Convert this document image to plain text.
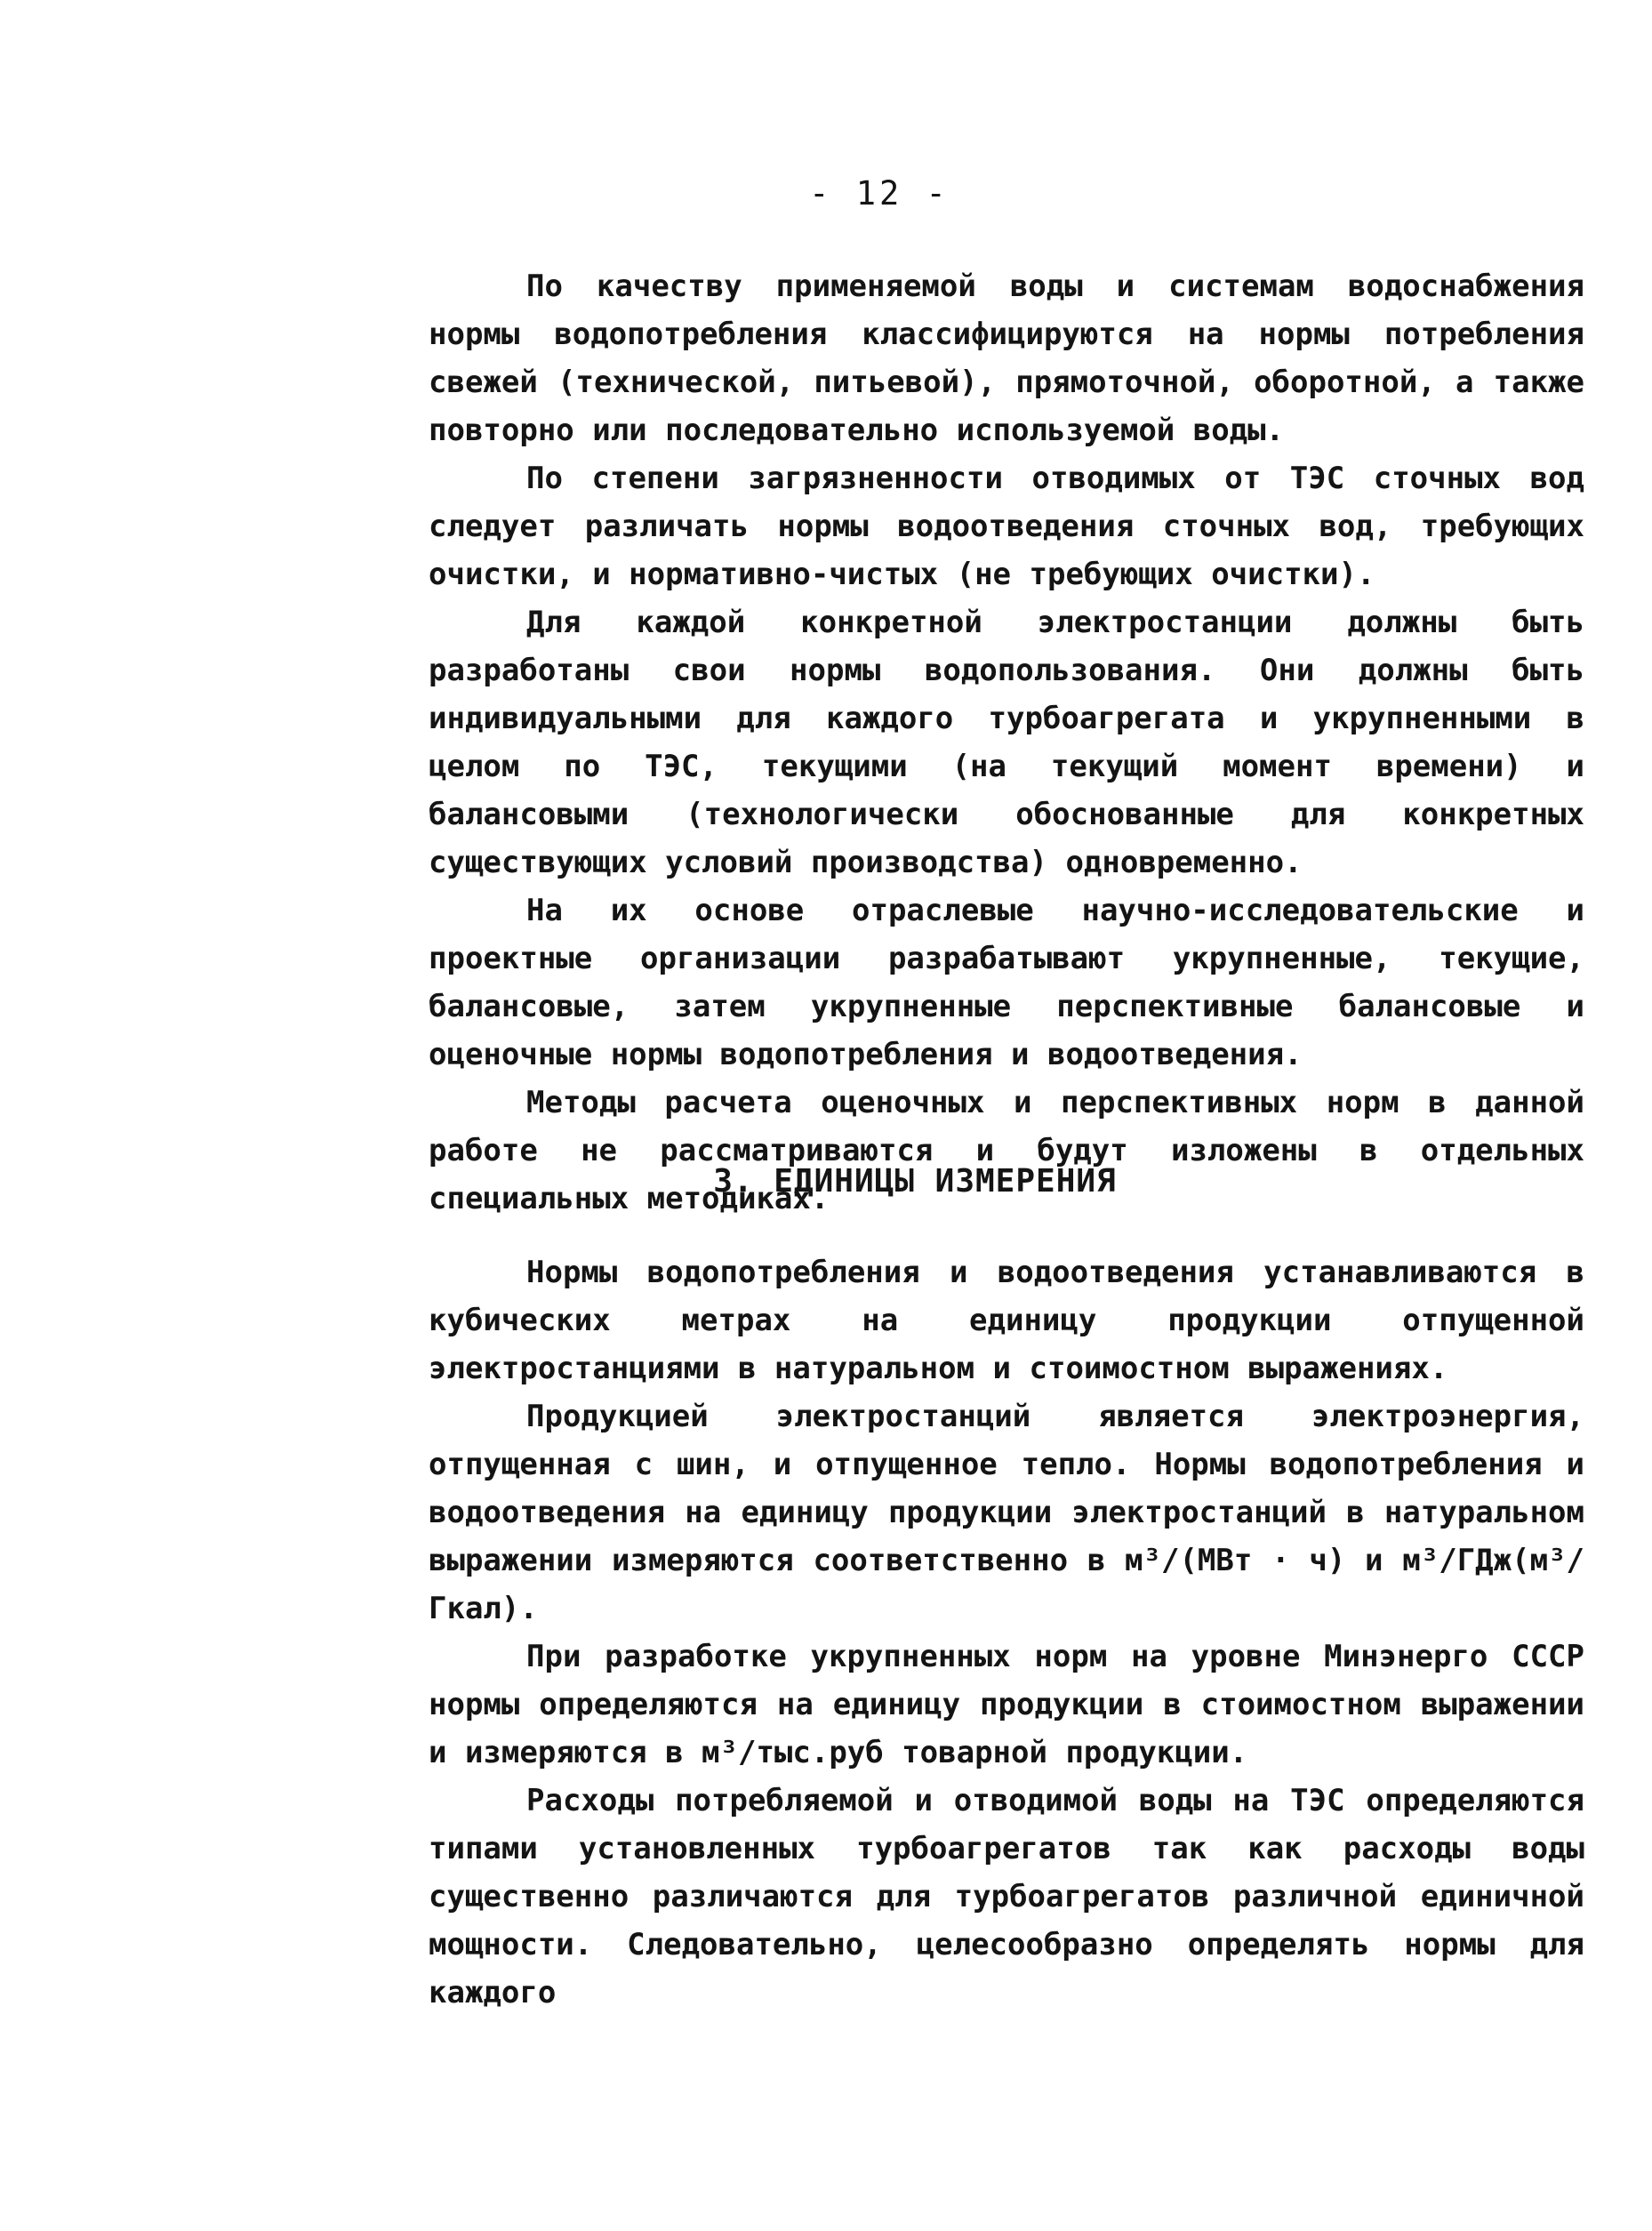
- 12 -

По качеству применяемой воды и системам водоснабжения нормы водопотребления классифицируются на нормы потребления свежей (технической, питьевой), прямоточной, оборотной, а также повторно или последовательно используемой воды.

По степени загрязненности отводимых от ТЭС сточных вод следует различать нормы водоотведения сточных вод, требующих очистки, и нормативно-чистых (не требующих очистки).

Для каждой конкретной электростанции должны быть разработаны свои нормы водопользования. Они должны быть индивидуальными для каждого турбоагрегата и укрупненными в целом по ТЭС, текущими (на текущий момент времени) и балансовыми (технологически обоснованные для конкретных существующих условий производства) одновременно.

На их основе отраслевые научно-исследовательские и проектные организации разрабатывают укрупненные, текущие, балансовые, затем укрупненные перспективные балансовые и оценочные нормы водопотребления и водоотведения.

Методы расчета оценочных и перспективных норм в данной работе не рассматриваются и будут изложены в отдельных специальных методиках.

3. ЕДИНИЦЫ ИЗМЕРЕНИЯ

Нормы водопотребления и водоотведения устанавливаются в кубических метрах на единицу продукции отпущенной электростанциями в натуральном и стоимостном выражениях.

Продукцией электростанций является электроэнергия, отпущенная с шин, и отпущенное тепло. Нормы водопотребления и водоотведения на единицу продукции электростанций в натуральном выражении измеряются соответственно в м³/(МВт · ч) и м³/ГДж(м³/Гкал).

При разработке укрупненных норм на уровне Минэнерго СССР нормы определяются на единицу продукции в стоимостном выражении и измеряются в м³/тыс.руб товарной продукции.

Расходы потребляемой и отводимой воды на ТЭС определяются типами установленных турбоагрегатов так как расходы воды существенно различаются для турбоагрегатов различной единичной мощности. Следовательно, целесообразно определять нормы для каждого
